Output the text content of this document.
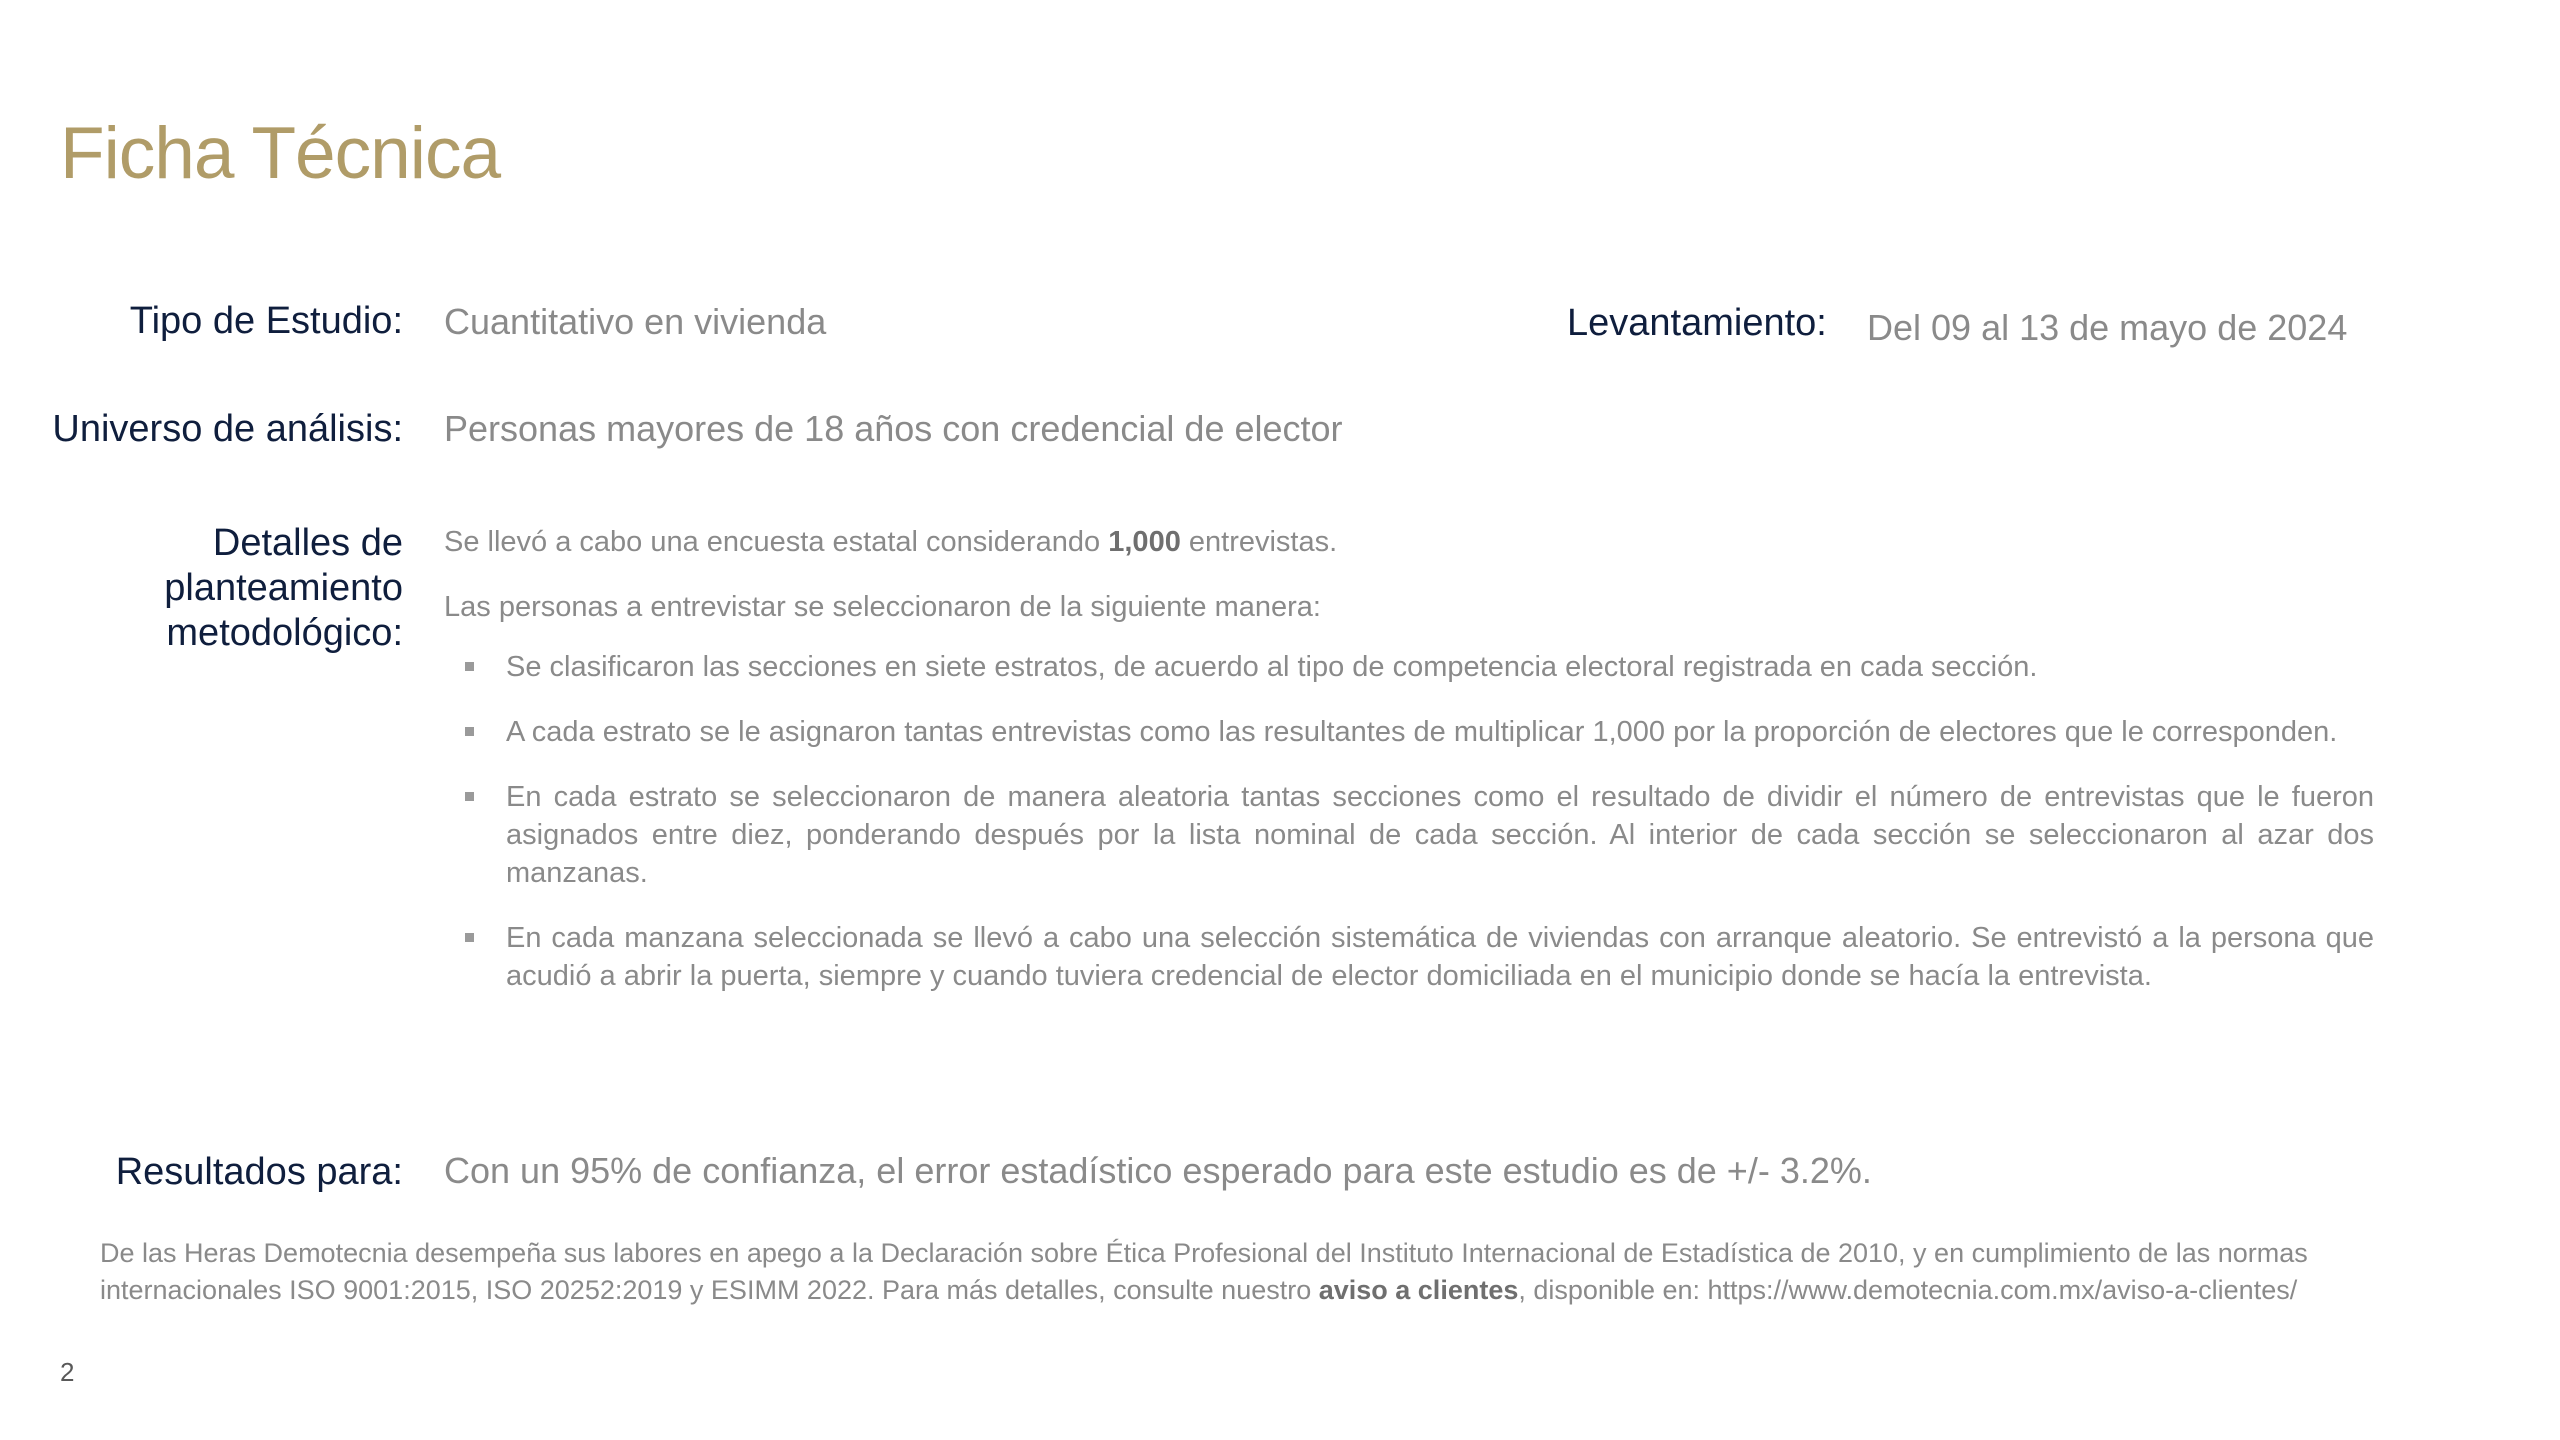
Ficha Técnica
Tipo de Estudio: Cuantitativo en vivienda	Levantamiento: Del 09 al 13 de mayo de 2024
Universo de análisis: Personas mayores de 18 años con credencial de elector
Detalles de
planteamiento
metodológico:
Se llevó a cabo una encuesta estatal considerando 1,000 entrevistas.
Las personas a entrevistar se seleccionaron de la siguiente manera:
Se clasificaron las secciones en siete estratos, de acuerdo al tipo de competencia electoral registrada en cada sección.
A cada estrato se le asignaron tantas entrevistas como las resultantes de multiplicar 1,000 por la proporción de electores que le corresponden.
En cada estrato se seleccionaron de manera aleatoria tantas secciones como el resultado de dividir el número de entrevistas que le fueron asignados entre diez, ponderando después por la lista nominal de cada sección. Al interior de cada sección se seleccionaron al azar dos manzanas.
En cada manzana seleccionada se llevó a cabo una selección sistemática de viviendas con arranque aleatorio. Se entrevistó a la persona que acudió a abrir la puerta, siempre y cuando tuviera credencial de elector domiciliada en el municipio donde se hacía la entrevista.
Resultados para: Con un 95% de confianza, el error estadístico esperado para este estudio es de +/- 3.2%.
De las Heras Demotecnia desempeña sus labores en apego a la Declaración sobre Ética Profesional del Instituto Internacional de Estadística de 2010, y en cumplimiento de las normas internacionales ISO 9001:2015, ISO 20252:2019 y ESIMM 2022. Para más detalles, consulte nuestro aviso a clientes, disponible en: https://www.demotecnia.com.mx/aviso-a-clientes/
2
